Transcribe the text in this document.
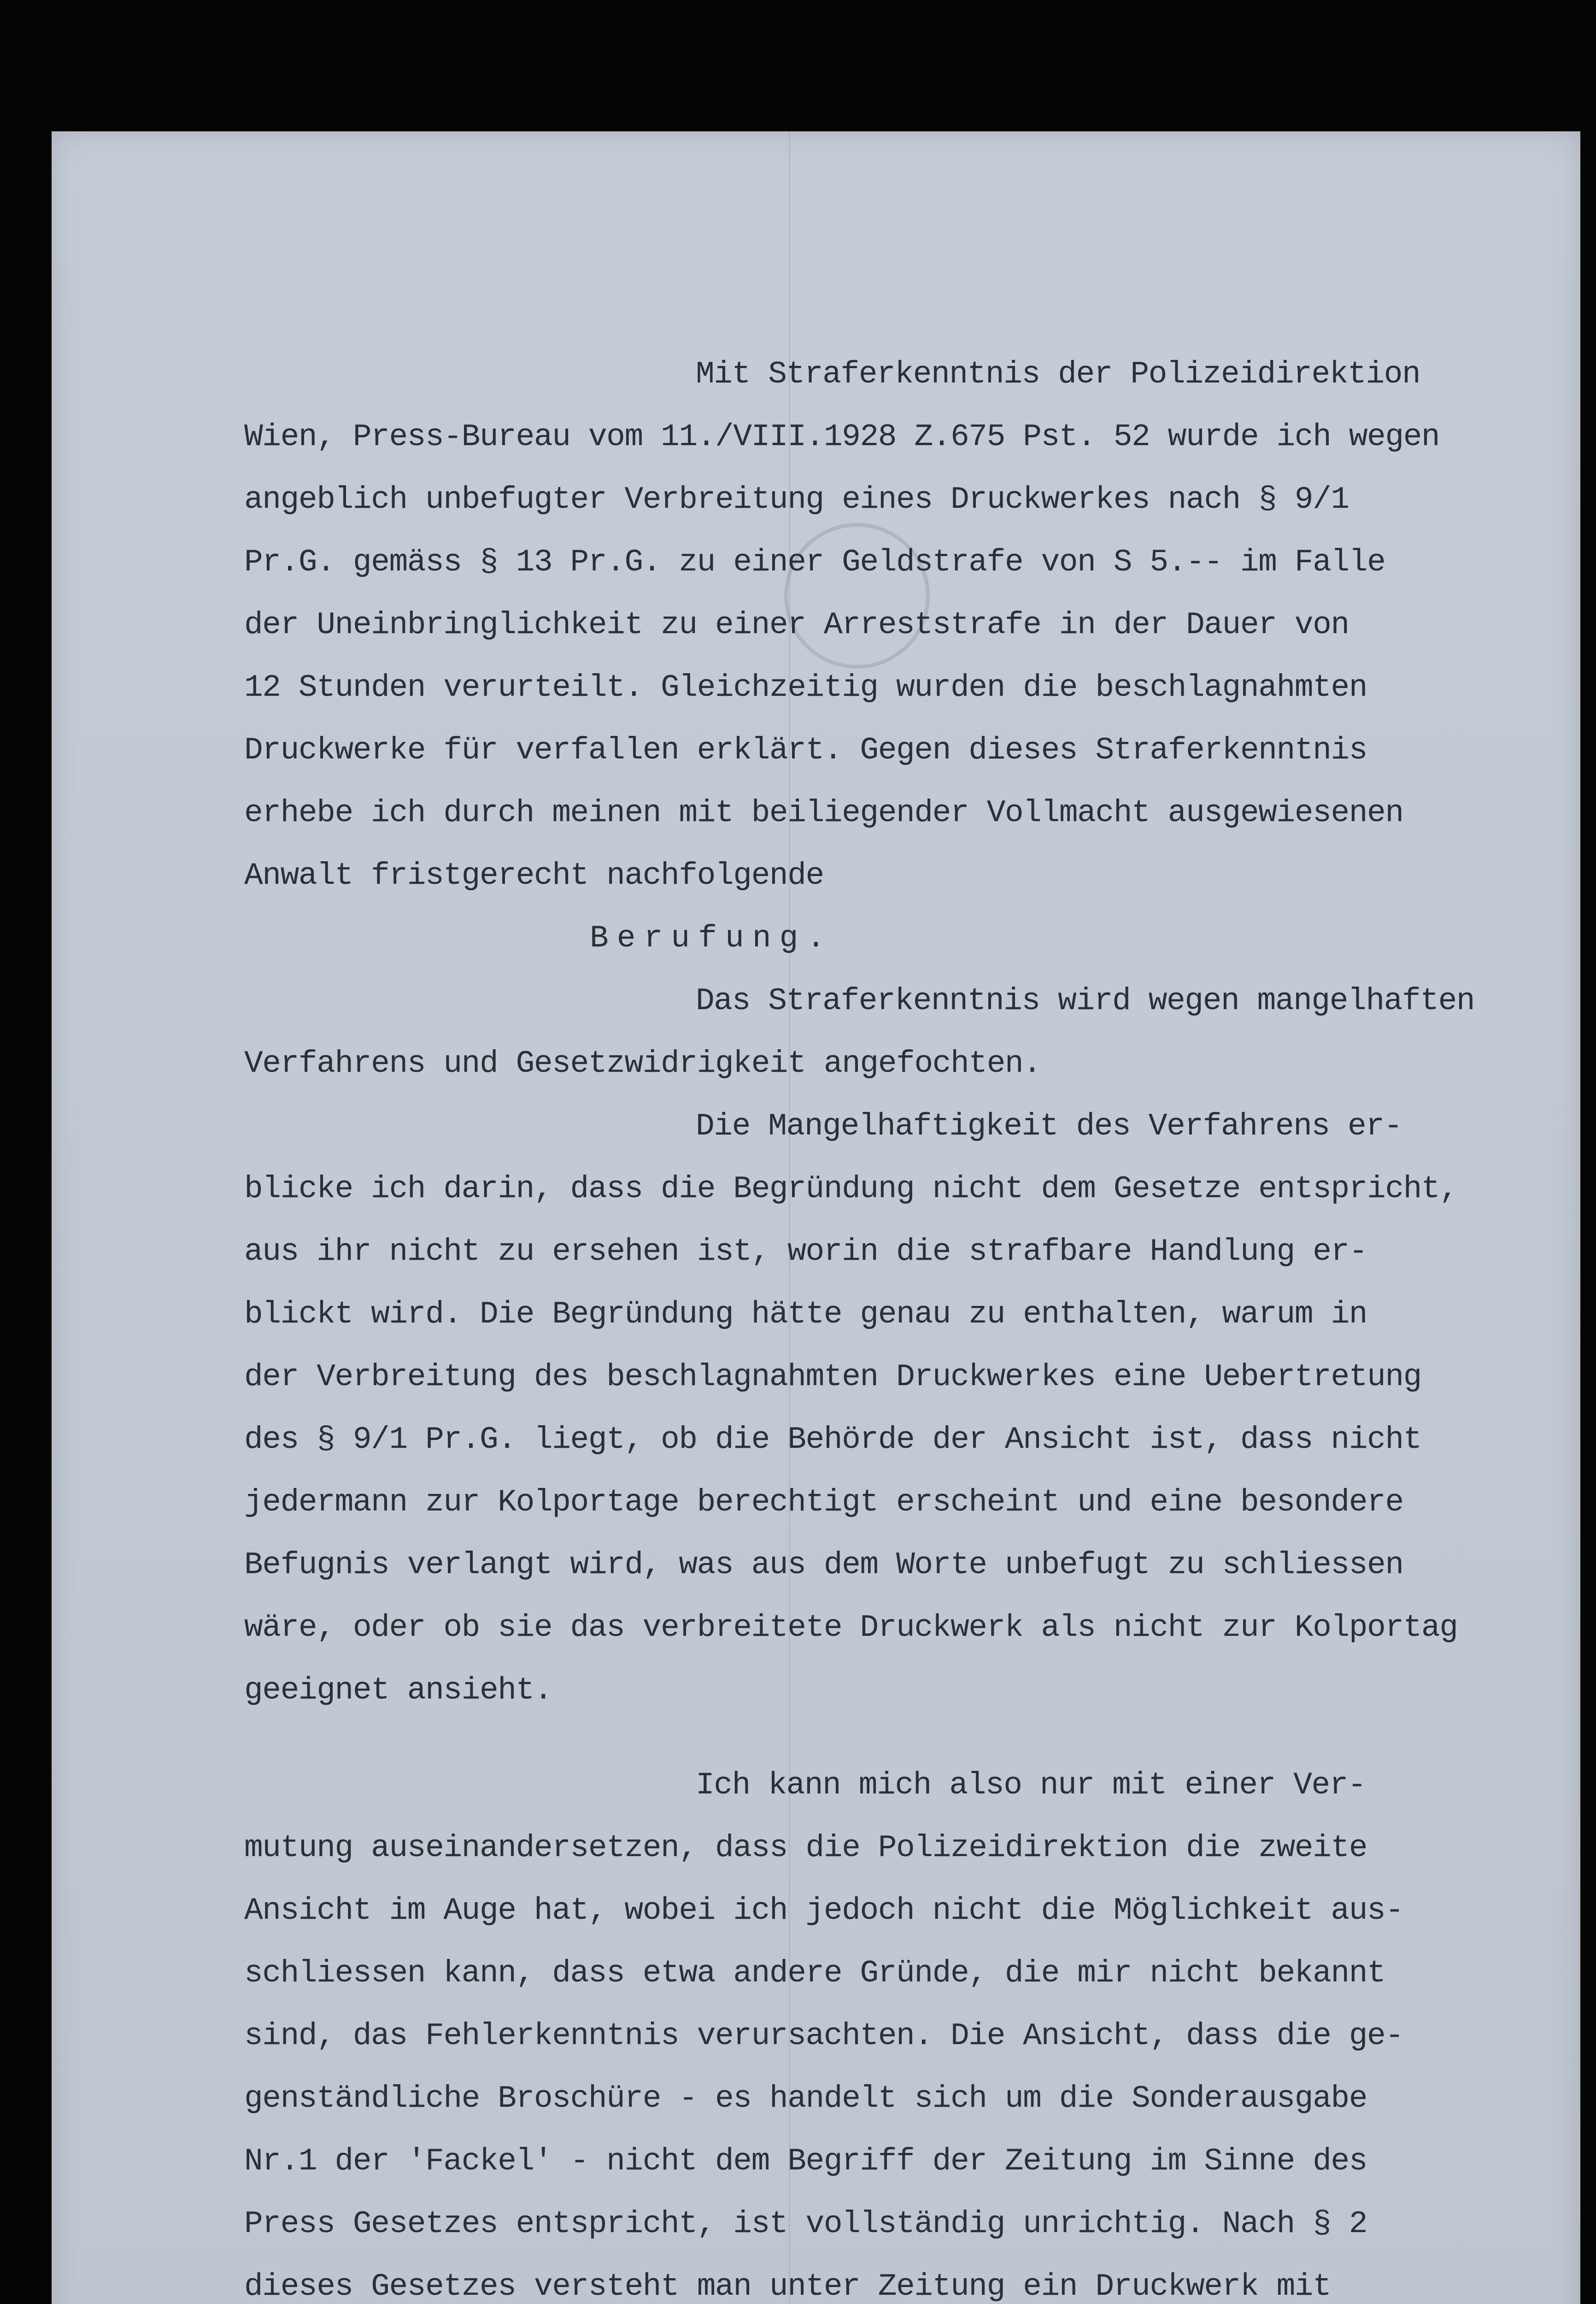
Mit Straferkenntnis der Polizeidirektion
Wien, Press-Bureau vom 11./VIII.1928 Z.675 Pst. 52 wurde ich wegen
angeblich unbefugter Verbreitung eines Druckwerkes nach § 9/1
Pr.G. gemäss § 13 Pr.G. zu einer Geldstrafe von S 5.-- im Falle
der Uneinbringlichkeit zu einer Arreststrafe in der Dauer von
12 Stunden verurteilt. Gleichzeitig wurden die beschlagnahmten
Druckwerke für verfallen erklärt. Gegen dieses Straferkenntnis
erhebe ich durch meinen mit beiliegender Vollmacht ausgewiesenen
Anwalt fristgerecht nachfolgende
Berufung.
Das Straferkenntnis wird wegen mangelhaften
Verfahrens und Gesetzwidrigkeit angefochten.
Die Mangelhaftigkeit des Verfahrens er-
blicke ich darin, dass die Begründung nicht dem Gesetze entspricht,
aus ihr nicht zu ersehen ist, worin die strafbare Handlung er-
blickt wird. Die Begründung hätte genau zu enthalten, warum in
der Verbreitung des beschlagnahmten Druckwerkes eine Uebertretung
des § 9/1 Pr.G. liegt, ob die Behörde der Ansicht ist, dass nicht
jedermann zur Kolportage berechtigt erscheint und eine besondere
Befugnis verlangt wird, was aus dem Worte unbefugt zu schliessen
wäre, oder ob sie das verbreitete Druckwerk als nicht zur Kolportag
geeignet ansieht.
Ich kann mich also nur mit einer Ver-
mutung auseinandersetzen, dass die Polizeidirektion die zweite
Ansicht im Auge hat, wobei ich jedoch nicht die Möglichkeit aus-
schliessen kann, dass etwa andere Gründe, die mir nicht bekannt
sind, das Fehlerkenntnis verursachten. Die Ansicht, dass die ge-
genständliche Broschüre - es handelt sich um die Sonderausgabe
Nr.1 der 'Fackel' - nicht dem Begriff der Zeitung im Sinne des
Press Gesetzes entspricht, ist vollständig unrichtig. Nach § 2
dieses Gesetzes versteht man unter Zeitung ein Druckwerk mit
